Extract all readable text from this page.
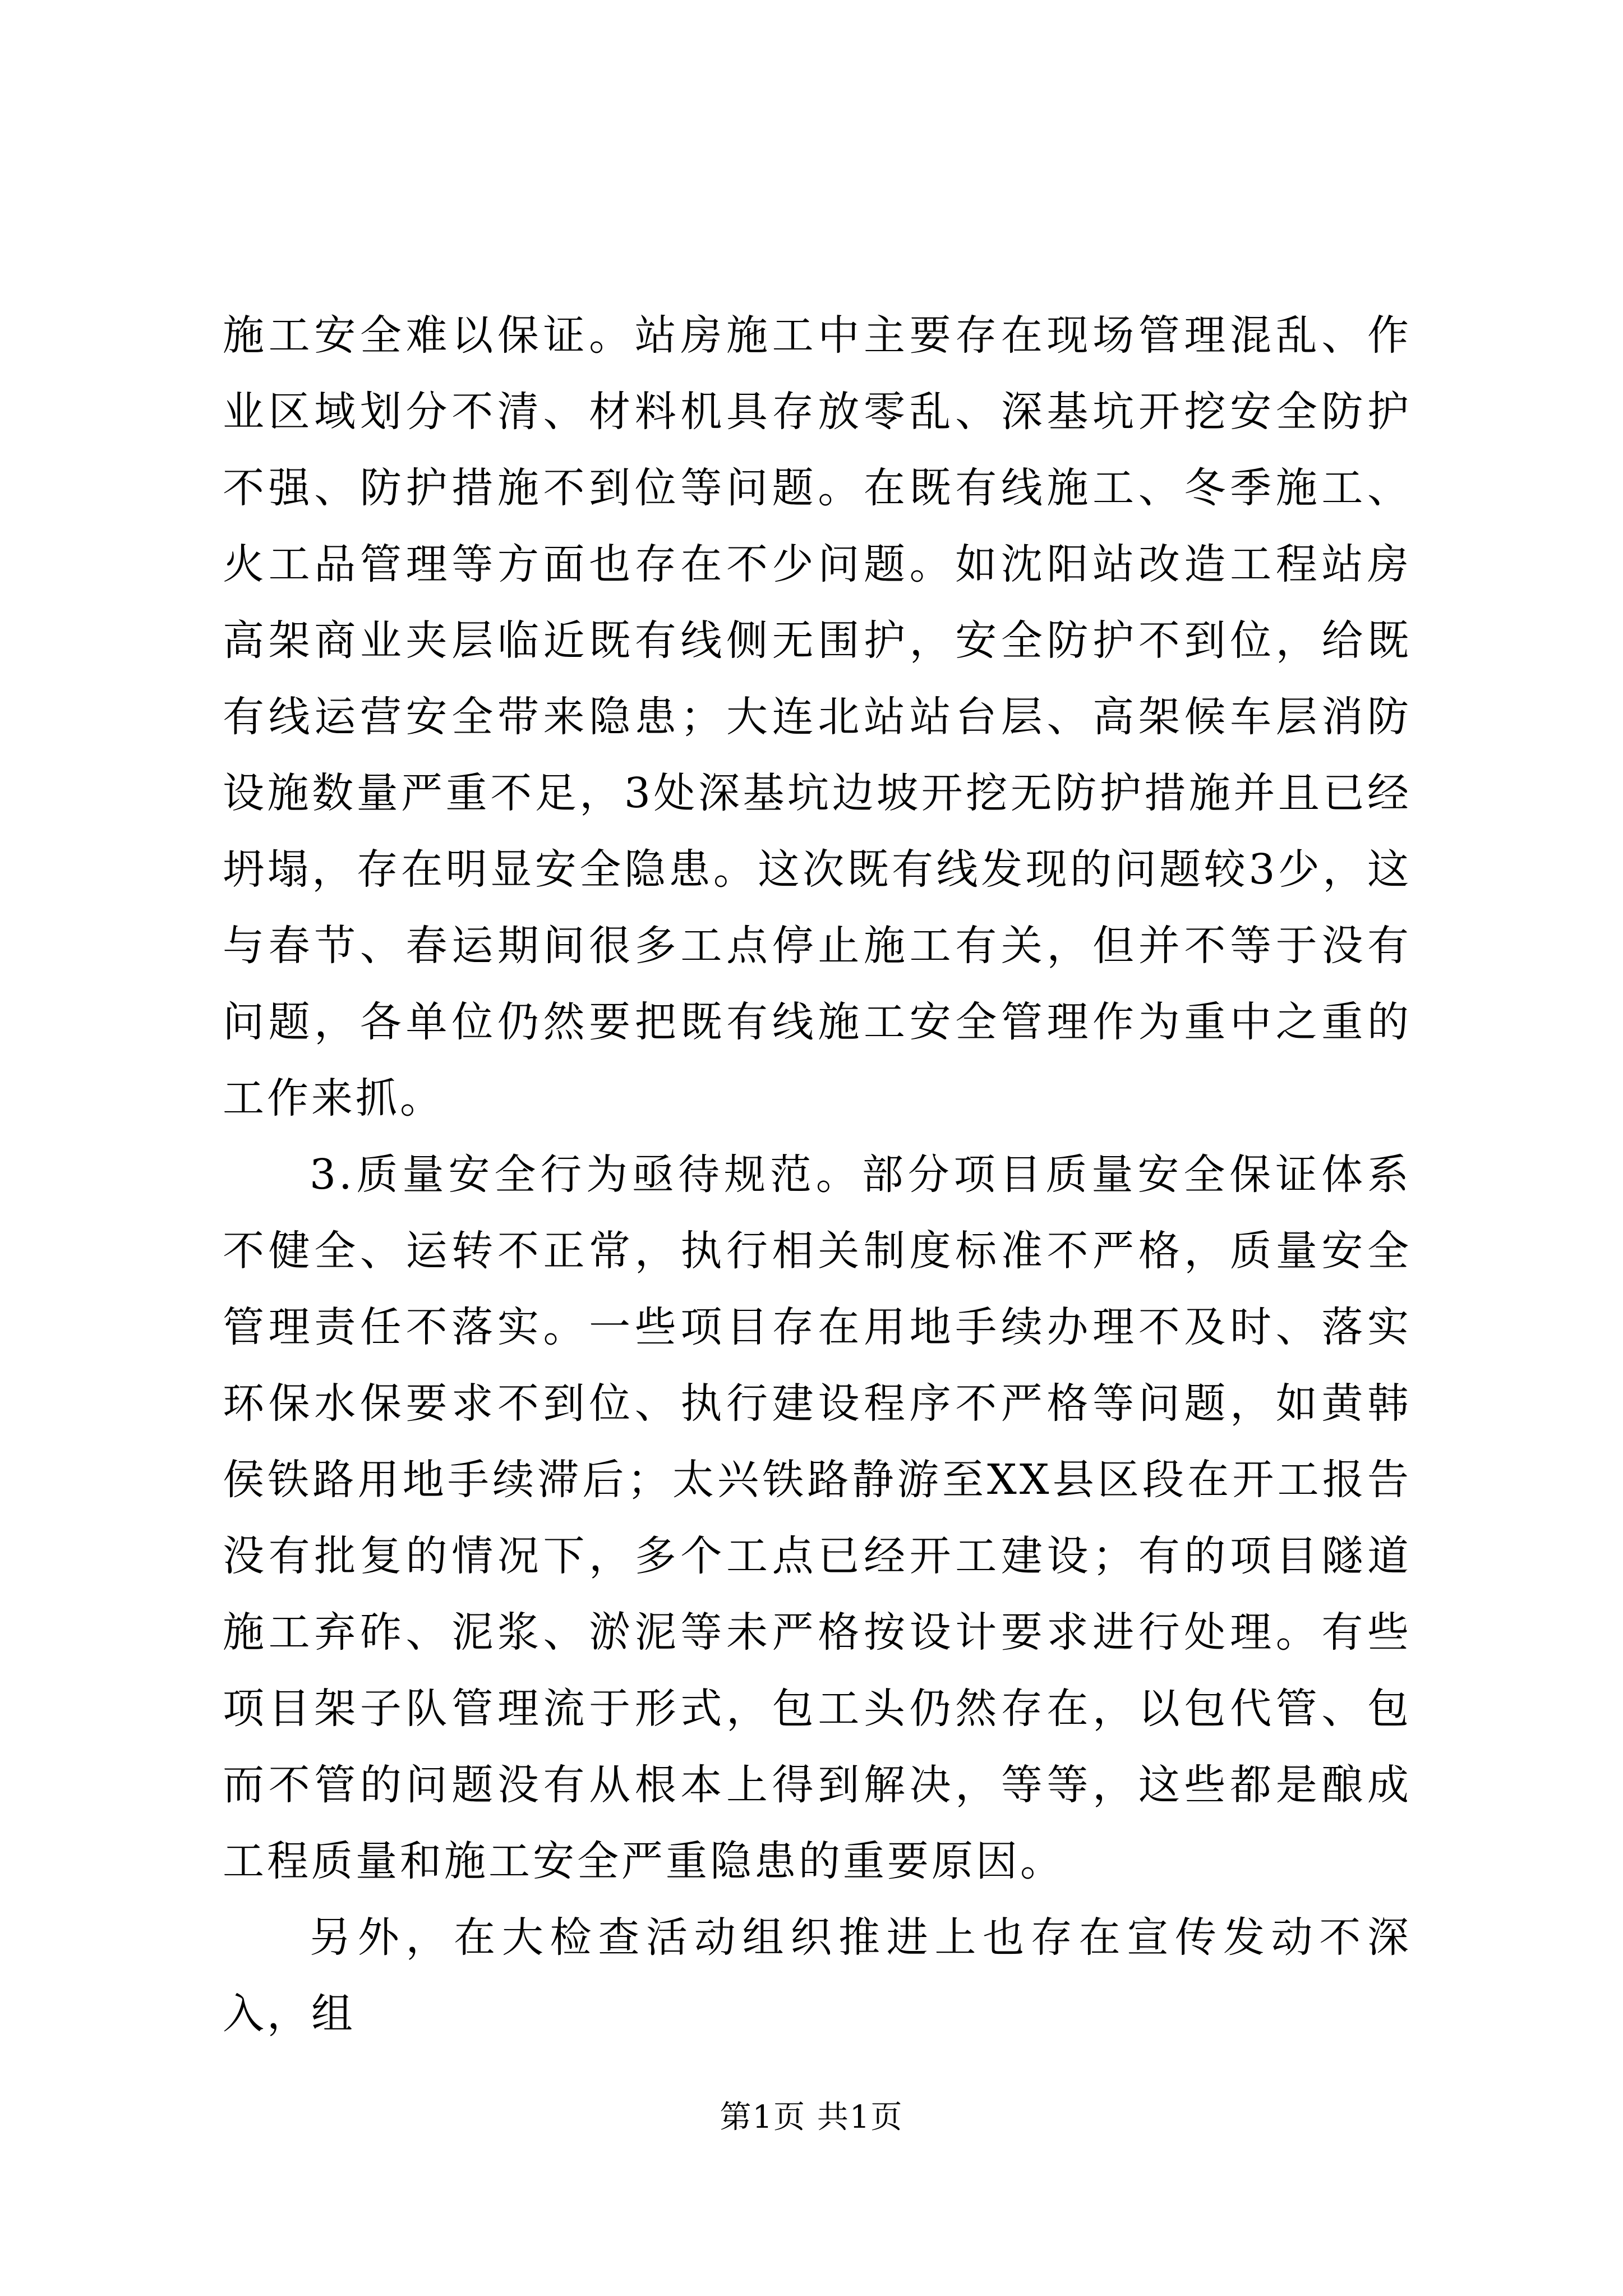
施工安全难以保证。站房施工中主要存在现场管理混乱、作业区域划分不清、材料机具存放零乱、深基坑开挖安全防护不强、防护措施不到位等问题。在既有线施工、冬季施工、火工品管理等方面也存在不少问题。如沈阳站改造工程站房高架商业夹层临近既有线侧无围护，安全防护不到位，给既有线运营安全带来隐患；大连北站站台层、高架候车层消防设施数量严重不足，3处深基坑边坡开挖无防护措施并且已经坍塌，存在明显安全隐患。这次既有线发现的问题较3少，这与春节、春运期间很多工点停止施工有关，但并不等于没有问题，各单位仍然要把既有线施工安全管理作为重中之重的工作来抓。

3.质量安全行为亟待规范。部分项目质量安全保证体系不健全、运转不正常，执行相关制度标准不严格，质量安全管理责任不落实。一些项目存在用地手续办理不及时、落实环保水保要求不到位、执行建设程序不严格等问题，如黄韩侯铁路用地手续滞后；太兴铁路静游至XX县区段在开工报告没有批复的情况下，多个工点已经开工建设；有的项目隧道施工弃砟、泥浆、淤泥等未严格按设计要求进行处理。有些项目架子队管理流于形式，包工头仍然存在，以包代管、包而不管的问题没有从根本上得到解决，等等，这些都是酿成工程质量和施工安全严重隐患的重要原因。

另外，在大检查活动组织推进上也存在宣传发动不深入，组

第1页 共1页
